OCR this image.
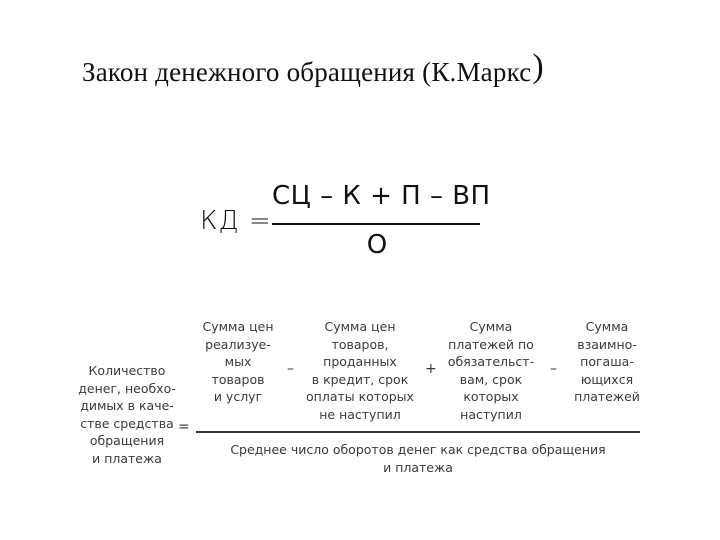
Закон денежного обращения (К.Маркс)
КД =
СЦ – К + П – ВП
О
Количество
денег, необхо-
димых в каче-
стве средства
обращения
и платежа
=
Сумма цен
реализуе-
мых
товаров
и услуг
–
Сумма цен
товаров,
проданных
в кредит, срок
оплаты которых
не наступил
+
Сумма
платежей по
обязательст-
вам, срок
которых
наступил
–
Сумма
взаимно-
погаша-
ющихся
платежей
Среднее число оборотов денег как средства обращения
и платежа
